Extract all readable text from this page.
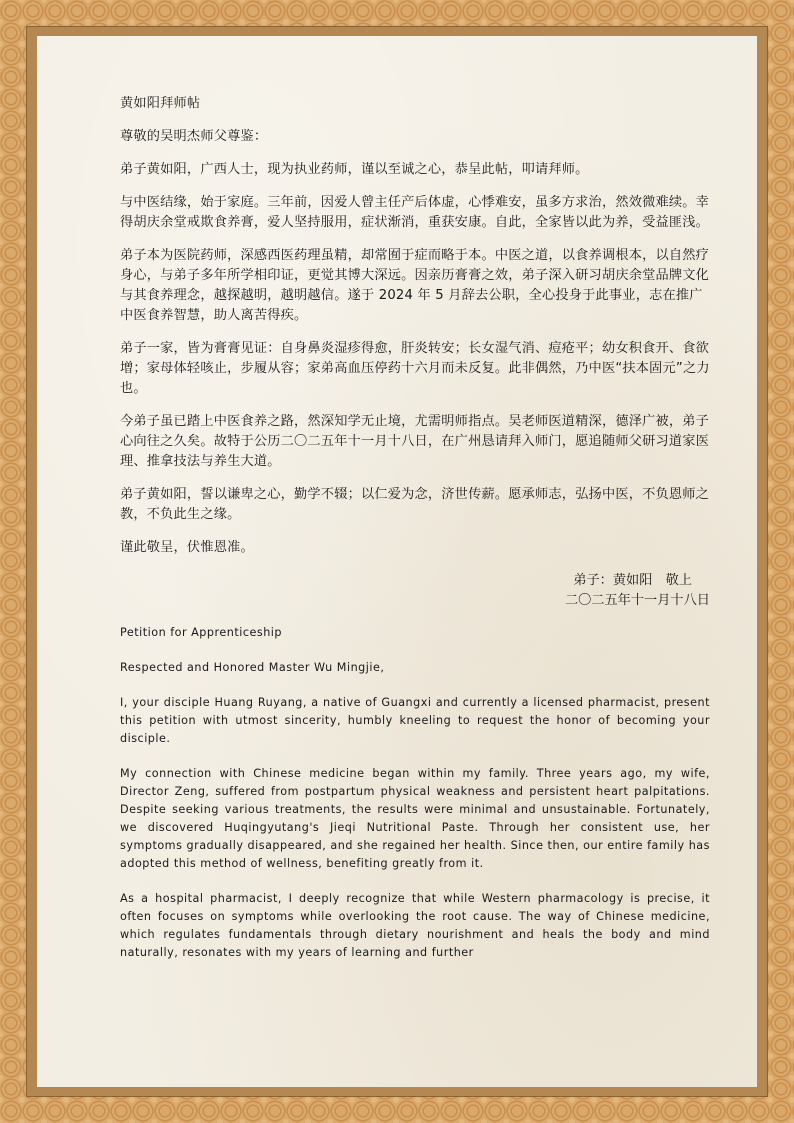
黄如阳拜师帖

尊敬的吴明杰师父尊鉴：

弟子黄如阳，广西人士，现为执业药师，谨以至诚之心，恭呈此帖，叩请拜师。

与中医结缘，始于家庭。三年前，因爱人曾主任产后体虚，心悸难安，虽多方求治，然效微难续。幸得胡庆余堂戒欺食养膏，爱人坚持服用，症状渐消，重获安康。自此，全家皆以此为养，受益匪浅。

弟子本为医院药师，深感西医药理虽精，却常囿于症而略于本。中医之道，以食养调根本，以自然疗身心，与弟子多年所学相印证，更觉其博大深远。因亲历膏膏之效，弟子深入研习胡庆余堂品牌文化与其食养理念，越探越明，越明越信。遂于 2024 年 5 月辞去公职，全心投身于此事业，志在推广中医食养智慧，助人离苦得疾。

弟子一家，皆为膏膏见证：自身鼻炎湿疹得愈，肝炎转安；长女湿气消、痘疮平；幼女积食开、食欲增；家母体轻咳止，步履从容；家弟高血压停药十六月而未反复。此非偶然，乃中医“扶本固元”之力也。

今弟子虽已踏上中医食养之路，然深知学无止境，尤需明师指点。吴老师医道精深，德泽广被，弟子心向往之久矣。故特于公历二〇二五年十一月十八日，在广州恳请拜入师门，愿追随师父研习道家医理、推拿技法与养生大道。

弟子黄如阳，誓以谦卑之心，勤学不辍；以仁爱为念，济世传薪。愿承师志，弘扬中医，不负恩师之教，不负此生之缘。

谨此敬呈，伏惟恩准。

弟子：黄如阳　敬上

二〇二五年十一月十八日

Petition for Apprenticeship

Respected and Honored Master Wu Mingjie,

I, your disciple Huang Ruyang, a native of Guangxi and currently a licensed pharmacist, present this petition with utmost sincerity, humbly kneeling to request the honor of becoming your disciple.

My connection with Chinese medicine began within my family. Three years ago, my wife, Director Zeng, suffered from postpartum physical weakness and persistent heart palpitations. Despite seeking various treatments, the results were minimal and unsustainable. Fortunately, we discovered Huqingyutang's Jieqi Nutritional Paste. Through her consistent use, her symptoms gradually disappeared, and she regained her health. Since then, our entire family has adopted this method of wellness, benefiting greatly from it.

As a hospital pharmacist, I deeply recognize that while Western pharmacology is precise, it often focuses on symptoms while overlooking the root cause. The way of Chinese medicine, which regulates fundamentals through dietary nourishment and heals the body and mind naturally, resonates with my years of learning and further
